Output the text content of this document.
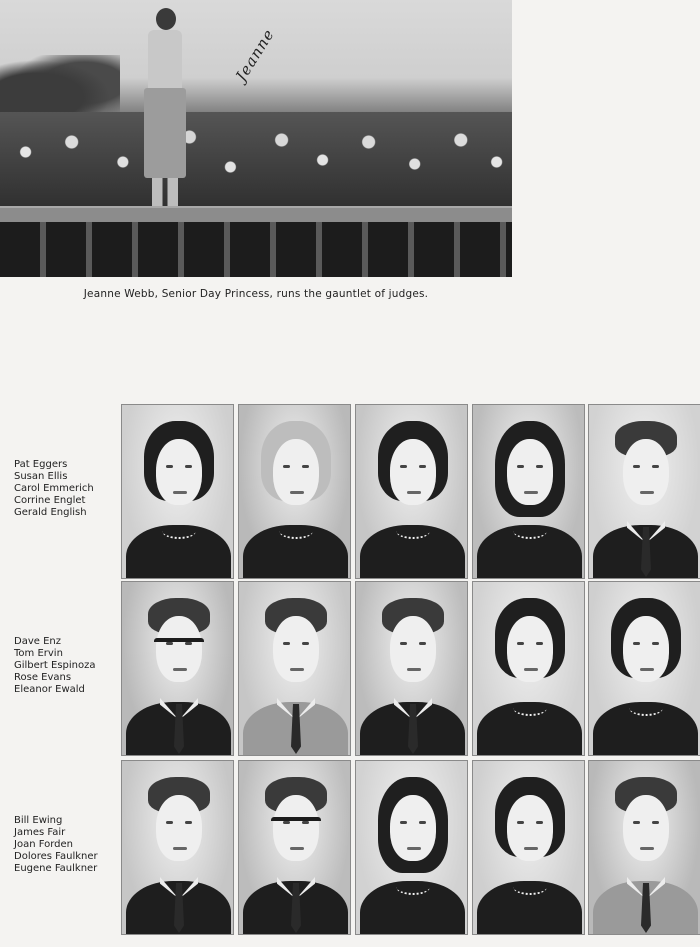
Jeanne
Jeanne Webb, Senior Day Princess, runs the gauntlet of judges.
Pat Eggers
Susan Ellis
Carol Emmerich
Corrine Englet
Gerald English
Dave Enz
Tom Ervin
Gilbert Espinoza
Rose Evans
Eleanor Ewald
Bill Ewing
James Fair
Joan Forden
Dolores Faulkner
Eugene Faulkner
